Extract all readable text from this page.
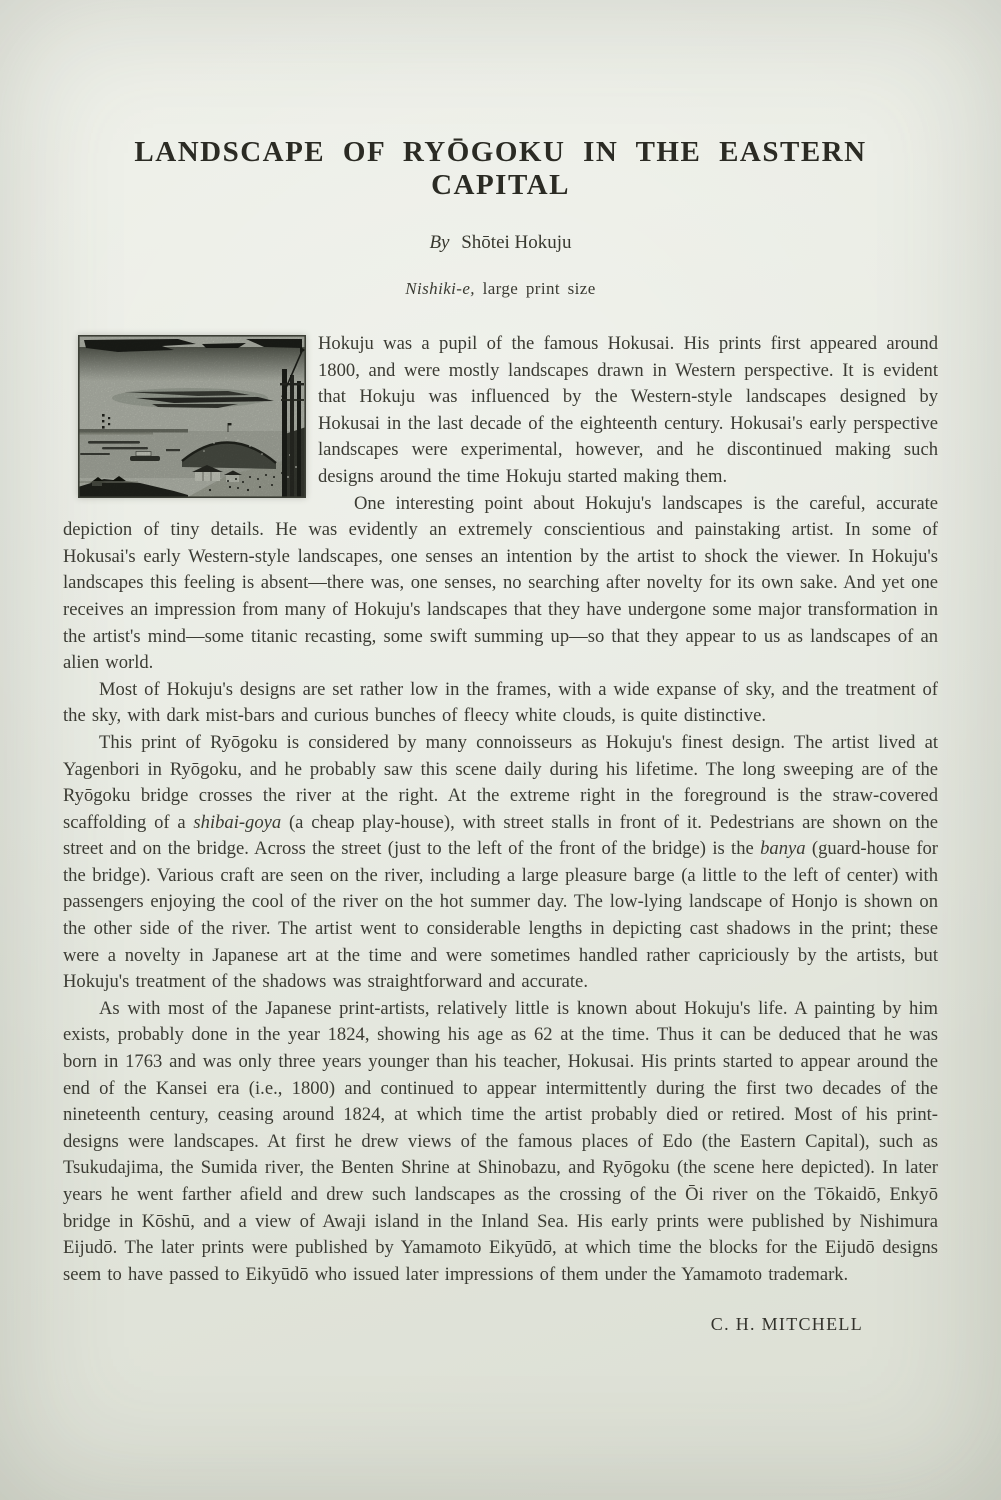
LANDSCAPE OF RYŌGOKU IN THE EASTERN CAPITAL

By Shōtei Hokuju

Nishiki-e, large print size

Hokuju was a pupil of the famous Hokusai. His prints first appeared around 1800, and were mostly landscapes drawn in Western perspective. It is evident that Hokuju was influenced by the Western-style landscapes designed by Hokusai in the last decade of the eighteenth century. Hokusai's early perspective landscapes were experimental, however, and he discontinued making such designs around the time Hokuju started making them.

One interesting point about Hokuju's landscapes is the careful, accurate depiction of tiny details. He was evidently an extremely conscientious and painstaking artist. In some of Hokusai's early Western-style landscapes, one senses an intention by the artist to shock the viewer. In Hokuju's landscapes this feeling is absent—there was, one senses, no searching after novelty for its own sake. And yet one receives an impression from many of Hokuju's landscapes that they have undergone some major transformation in the artist's mind—some titanic recasting, some swift summing up—so that they appear to us as landscapes of an alien world.

Most of Hokuju's designs are set rather low in the frames, with a wide expanse of sky, and the treatment of the sky, with dark mist-bars and curious bunches of fleecy white clouds, is quite distinctive.

This print of Ryōgoku is considered by many connoisseurs as Hokuju's finest design. The artist lived at Yagenbori in Ryōgoku, and he probably saw this scene daily during his lifetime. The long sweeping are of the Ryōgoku bridge crosses the river at the right. At the extreme right in the foreground is the straw-covered scaffolding of a shibai-goya (a cheap play-house), with street stalls in front of it. Pedestrians are shown on the street and on the bridge. Across the street (just to the left of the front of the bridge) is the banya (guard-house for the bridge). Various craft are seen on the river, including a large pleasure barge (a little to the left of center) with passengers enjoying the cool of the river on the hot summer day. The low-lying landscape of Honjo is shown on the other side of the river. The artist went to considerable lengths in depicting cast shadows in the print; these were a novelty in Japanese art at the time and were sometimes handled rather capriciously by the artists, but Hokuju's treatment of the shadows was straightforward and accurate.

As with most of the Japanese print-artists, relatively little is known about Hokuju's life. A painting by him exists, probably done in the year 1824, showing his age as 62 at the time. Thus it can be deduced that he was born in 1763 and was only three years younger than his teacher, Hokusai. His prints started to appear around the end of the Kansei era (i.e., 1800) and continued to appear intermittently during the first two decades of the nineteenth century, ceasing around 1824, at which time the artist probably died or retired. Most of his print-designs were landscapes. At first he drew views of the famous places of Edo (the Eastern Capital), such as Tsukudajima, the Sumida river, the Benten Shrine at Shinobazu, and Ryōgoku (the scene here depicted). In later years he went farther afield and drew such landscapes as the crossing of the Ōi river on the Tōkaidō, Enkyō bridge in Kōshū, and a view of Awaji island in the Inland Sea. His early prints were published by Nishimura Eijudō. The later prints were published by Yamamoto Eikyūdō, at which time the blocks for the Eijudō designs seem to have passed to Eikyūdō who issued later impressions of them under the Yamamoto trademark.

C. H. MITCHELL
